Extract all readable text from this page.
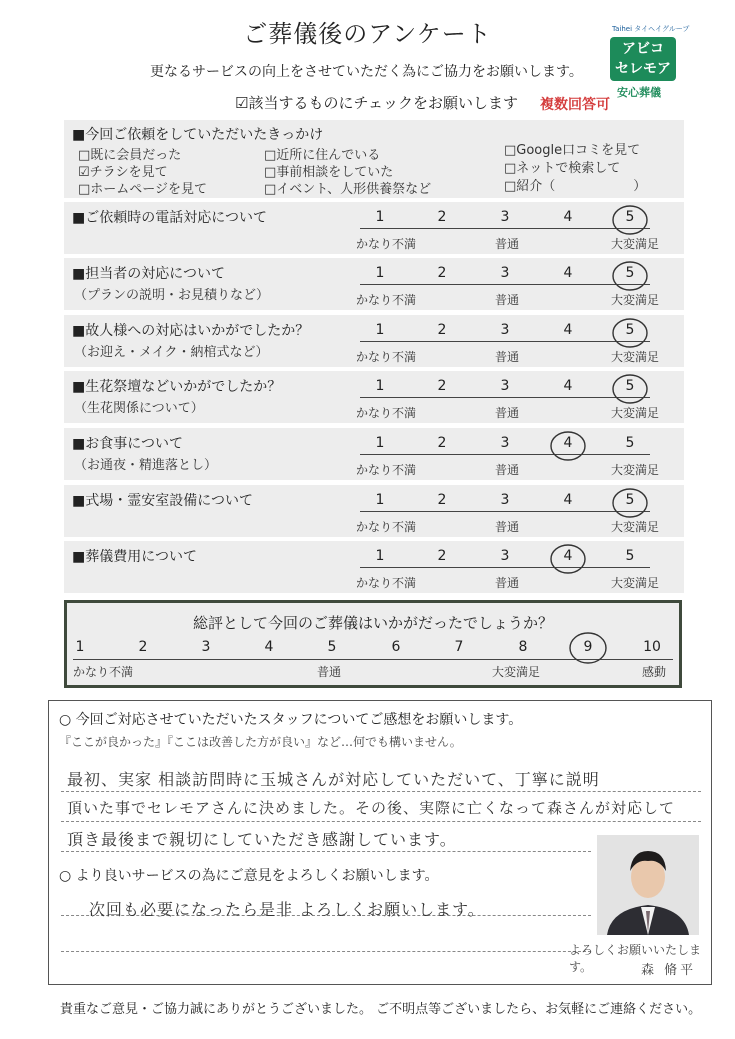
ご葬儀後のアンケート
更なるサービスの向上をさせていただく為にご協力をお願いします。
☑該当するものにチェックをお願いします 複数回答可
Taihei タイヘイグループ
アビコ
セレモア
安心葬儀
■今回ご依頼をしていただいたきっかけ
□既に会員だった
☑チラシを見て
□ホームページを見て
□近所に住んでいる
□事前相談をしていた
□イベント、人形供養祭など
□Google口コミを見て
□ネットで検索して
□紹介（　　　　　　）
■ご依頼時の電話対応について	1	2	3	4	5
かなり不満	普通	大変満足
■担当者の対応について
（プランの説明・お見積りなど）
1	2	3	4	5
かなり不満	普通	大変満足
■故人様への対応はいかがでしたか？
（お迎え・メイク・納棺式など）
1	2	3	4	5
かなり不満	普通	大変満足
■生花祭壇などいかがでしたか？
（生花関係について）
1	2	3	4	5
かなり不満	普通	大変満足
■お食事について
（お通夜・精進落とし）
1	2	3	4	5
かなり不満	普通	大変満足
■式場・霊安室設備について	1	2	3	4	5
かなり不満	普通	大変満足
■葬儀費用について	1	2	3	4	5
かなり不満	普通	大変満足
総評として今回のご葬儀はいかがだったでしょうか？
1	2	3	4	5	6	7	8	9	10
かなり不満	普通	大変満足	感動
○ 今回ご対応させていただいたスタッフについてご感想をお願いします。
『ここが良かった』『ここは改善した方が良い』など…何でも構いません。
最初、実家 相談訪問時に玉城さんが対応していただいて、丁寧に説明
頂いた事でセレモアさんに決めました。その後、実際に亡くなって森さんが対応して
頂き最後まで親切にしていただき感謝しています。
○ より良いサービスの為にご意見をよろしくお願いします。
次回も必要になったら是非 よろしくお願いします。
よろしくお願いいたします。	森 脩平
貴重なご意見・ご協力誠にありがとうございました。 ご不明点等ございましたら、お気軽にご連絡ください。
